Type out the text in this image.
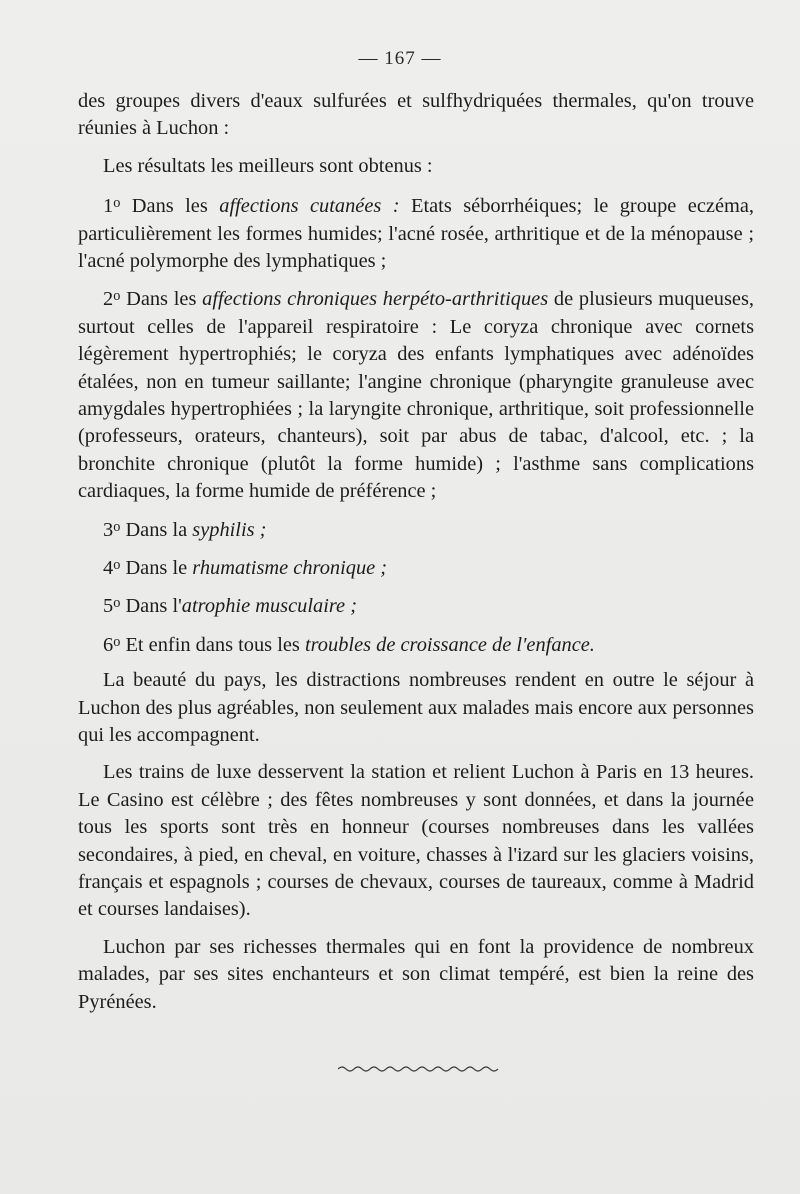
— 167 —

des groupes divers d'eaux sulfurées et sulfhydriquées thermales, qu'on trouve réunies à Luchon :

Les résultats les meilleurs sont obtenus :

1$^o$ Dans les affections cutanées : Etats séborrhéiques; le groupe eczéma, particulièrement les formes humides; l'acné rosée, arthritique et de la ménopause ; l'acné polymorphe des lymphatiques ;

2$^o$ Dans les affections chroniques herpéto-arthritiques de plusieurs muqueuses, surtout celles de l'appareil respiratoire : Le coryza chronique avec cornets légèrement hypertrophiés; le coryza des enfants lymphatiques avec adénoïdes étalées, non en tumeur saillante; l'angine chronique (pharyngite granuleuse avec amygdales hypertrophiées ; la laryngite chronique, arthritique, soit professionnelle (professeurs, orateurs, chanteurs), soit par abus de tabac, d'alcool, etc. ; la bronchite chronique (plutôt la forme humide) ; l'asthme sans complications cardiaques, la forme humide de préférence ;

3$^o$ Dans la syphilis ;

4$^o$ Dans le rhumatisme chronique ;

5$^o$ Dans l'atrophie musculaire ;

6$^o$ Et enfin dans tous les troubles de croissance de l'enfance.

La beauté du pays, les distractions nombreuses rendent en outre le séjour à Luchon des plus agréables, non seulement aux malades mais encore aux personnes qui les accompagnent.

Les trains de luxe desservent la station et relient Luchon à Paris en 13 heures. Le Casino est célèbre ; des fêtes nombreuses y sont données, et dans la journée tous les sports sont très en honneur (courses nombreuses dans les vallées secondaires, à pied, en cheval, en voiture, chasses à l'izard sur les glaciers voisins, français et espagnols ; courses de chevaux, courses de taureaux, comme à Madrid et courses landaises).

Luchon par ses richesses thermales qui en font la providence de nombreux malades, par ses sites enchanteurs et son climat tempéré, est bien la reine des Pyrénées.
